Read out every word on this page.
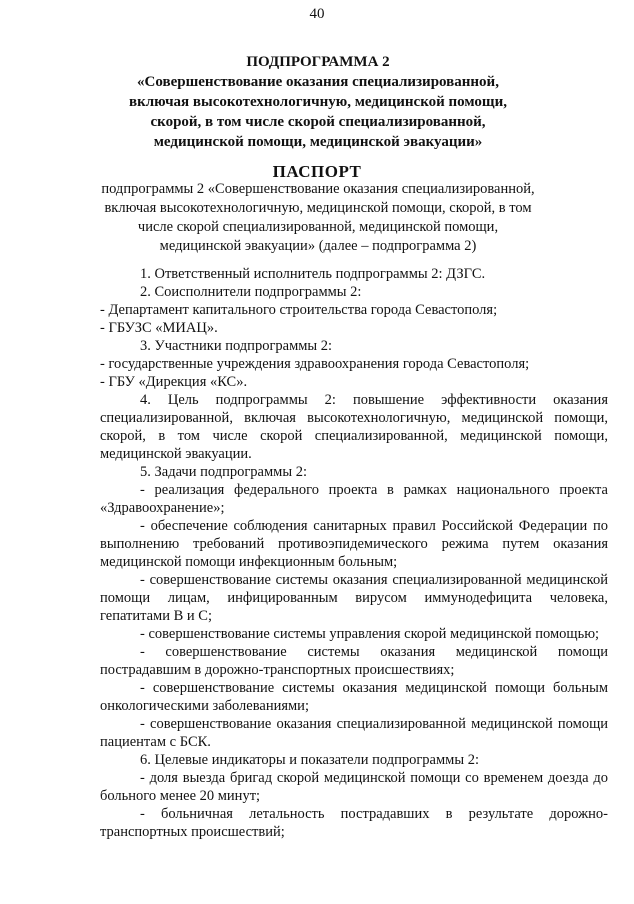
40
ПОДПРОГРАММА 2
«Совершенствование оказания специализированной, включая высокотехнологичную, медицинской помощи, скорой, в том числе скорой специализированной, медицинской помощи, медицинской эвакуации»
ПАСПОРТ
подпрограммы 2 «Совершенствование оказания специализированной, включая высокотехнологичную, медицинской помощи, скорой, в том числе скорой специализированной, медицинской помощи, медицинской эвакуации» (далее – подпрограмма 2)

1. Ответственный исполнитель подпрограммы 2: ДЗГС.

2. Соисполнители подпрограммы 2:

- Департамент капитального строительства города Севастополя;

- ГБУЗС «МИАЦ».

3. Участники подпрограммы 2:

- государственные учреждения здравоохранения города Севастополя;

- ГБУ «Дирекция «КС».

4. Цель подпрограммы 2: повышение эффективности оказания специализированной, включая высокотехнологичную, медицинской помощи, скорой, в том числе скорой специализированной, медицинской помощи, медицинской эвакуации.

5. Задачи подпрограммы 2:

- реализация федерального проекта в рамках национального проекта «Здравоохранение»;

- обеспечение соблюдения санитарных правил Российской Федерации по выполнению требований противоэпидемического режима путем оказания медицинской помощи инфекционным больным;

- совершенствование системы оказания специализированной медицинской помощи лицам, инфицированным вирусом иммунодефицита человека, гепатитами В и С;

- совершенствование системы управления скорой медицинской помощью;

- совершенствование системы оказания медицинской помощи пострадавшим в дорожно-транспортных происшествиях;

- совершенствование системы оказания медицинской помощи больным онкологическими заболеваниями;

- совершенствование оказания специализированной медицинской помощи пациентам с БСК.

6. Целевые индикаторы и показатели подпрограммы 2:

- доля выезда бригад скорой медицинской помощи со временем доезда до больного менее 20 минут;

- больничная летальность пострадавших в результате дорожно-транспортных происшествий;
